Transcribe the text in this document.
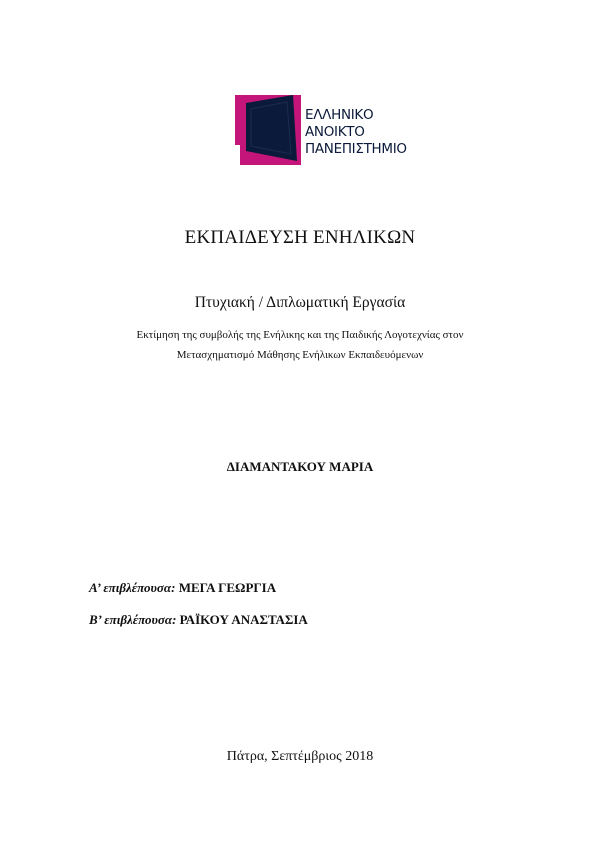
ΕΛΛΗΝΙΚΟ
ΑΝΟΙΚΤΟ
ΠΑΝΕΠΙΣΤΗΜΙΟ
ΕΚΠΑΙΔΕΥΣΗ ΕΝΗΛΙΚΩΝ
Πτυχιακή / Διπλωματική Εργασία
Εκτίμηση της συμβολής της Ενήλικης και της Παιδικής Λογοτεχνίας στον
Μετασχηματισμό Μάθησης Ενήλικων Εκπαιδευόμενων
ΔΙΑΜΑΝΤΑΚΟΥ ΜΑΡΙΑ
Α’ επιβλέπουσα: ΜΕΓΑ ΓΕΩΡΓΙΑ
Β’ επιβλέπουσα: ΡΑΪΚΟΥ ΑΝΑΣΤΑΣΙΑ
Πάτρα, Σεπτέμβριος 2018
